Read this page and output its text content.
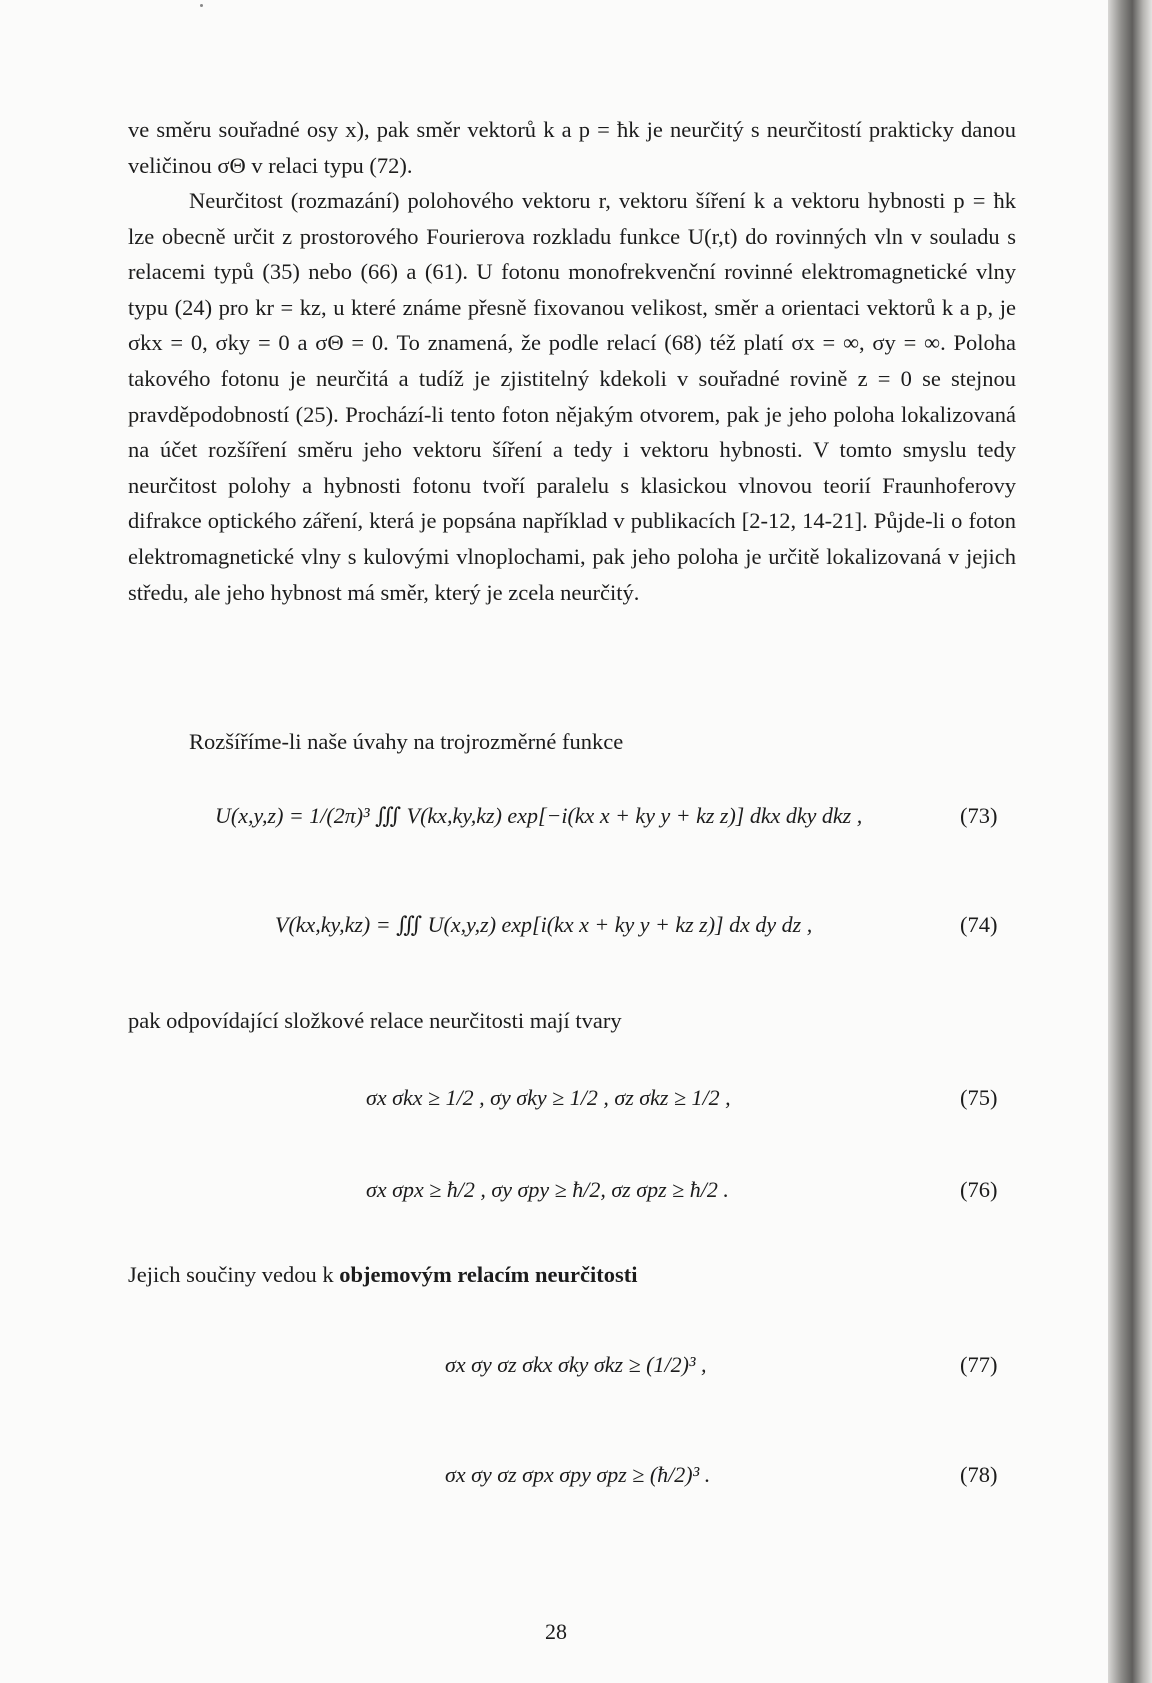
ve směru souřadné osy x), pak směr vektorů k a p = ħk je neurčitý s neurčitostí prakticky danou veličinou σΘ v relaci typu (72).

Neurčitost (rozmazání) polohového vektoru r, vektoru šíření k a vektoru hybnosti p = ħk lze obecně určit z prostorového Fourierova rozkladu funkce U(r,t) do rovinných vln v souladu s relacemi typů (35) nebo (66) a (61). U fotonu monofrekvenční rovinné elektromagnetické vlny typu (24) pro kr = kz, u které známe přesně fixovanou velikost, směr a orientaci vektorů k a p, je σkx = 0, σky = 0 a σΘ = 0. To znamená, že podle relací (68) též platí σx = ∞, σy = ∞. Poloha takového fotonu je neurčitá a tudíž je zjistitelný kdekoli v souřadné rovině z = 0 se stejnou pravděpodobností (25). Prochází-li tento foton nějakým otvorem, pak je jeho poloha lokalizovaná na účet rozšíření směru jeho vektoru šíření a tedy i vektoru hybnosti. V tomto smyslu tedy neurčitost polohy a hybnosti fotonu tvoří paralelu s klasickou vlnovou teorií Fraunhoferovy difrakce optického záření, která je popsána například v publikacích [2-12, 14-21]. Půjde-li o foton elektromagnetické vlny s kulovými vlnoplochami, pak jeho poloha je určitě lokalizovaná v jejich středu, ale jeho hybnost má směr, který je zcela neurčitý.

Rozšíříme-li naše úvahy na trojrozměrné funkce

U(x,y,z) = 1/(2π)³ ∭ V(kx,ky,kz) exp[−i(kx x + ky y + kz z)] dkx dky dkz ,	(73)
V(kx,ky,kz) = ∭ U(x,y,z) exp[i(kx x + ky y + kz z)] dx dy dz ,	(74)

pak odpovídající složkové relace neurčitosti mají tvary

σx σkx ≥ 1/2 , σy σky ≥ 1/2 , σz σkz ≥ 1/2 ,	(75)
σx σpx ≥ ħ/2 , σy σpy ≥ ħ/2, σz σpz ≥ ħ/2 .	(76)

Jejich součiny vedou k objemovým relacím neurčitosti

σx σy σz σkx σky σkz ≥ (1/2)³ ,	(77)
σx σy σz σpx σpy σpz ≥ (ħ/2)³ .	(78)
28
